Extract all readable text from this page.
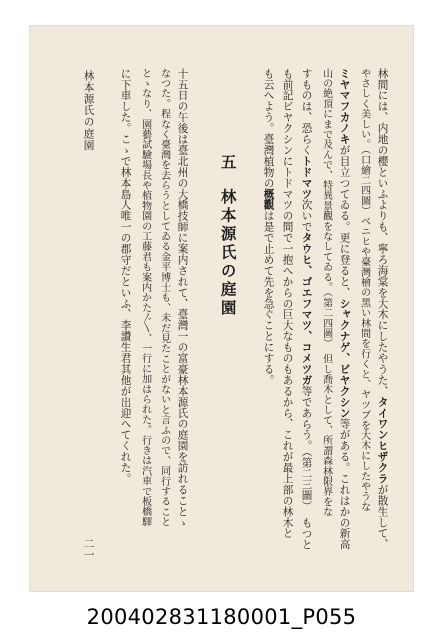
林間には、内地の櫻といふよりも、寧ろ海棠を大木にしたやうた、タイワンヒザクラが散生して、
やさしく美しい。（口繪二四圖）べニヒや臺灣檜の黑い林間を行くと、ヤツブを大木にしたやうな
ミヤマフカノキが目立つてゐる。更に登ると、シャクナゲ、ビヤクシン等がある。これはかの新高
山の絶頂にまで及んで、特異景觀をなしてゐる。（第二四圖）　但し喬木として、所謂森林限界をな
すものは、恐らくトドマツ次いでタウヒ、ゴエフマツ、コメツガ等であらう。（第二三圖）　もつと
も前記ビヤクシンにトドマツの間で一抱へからの巨大なものもあるから、これが最上部の林木と
も云へよう。臺灣植物の概觀は是で止めて先を急ぐことにする。
五林本源氏の庭園
十五日の午後は臺北州の大橋技師に案内されて、臺灣一の富豪林本源氏の庭園を訪れることゝ
なつた。程なく臺灣を去らうとしてゐる金平博士も、未だ見たことがないと言ふので、同行すること
とゝなり、園藝試驗場長や植物園の工藤君も案内かた〲、一行に加はられた。行きは汽車で板橋驛
に下車した。こゝで林本島人唯一の郡守だといふ、李讚生君其他が出迎へてくれた。
林本源氏の庭園
二一
200402831180001_P055
